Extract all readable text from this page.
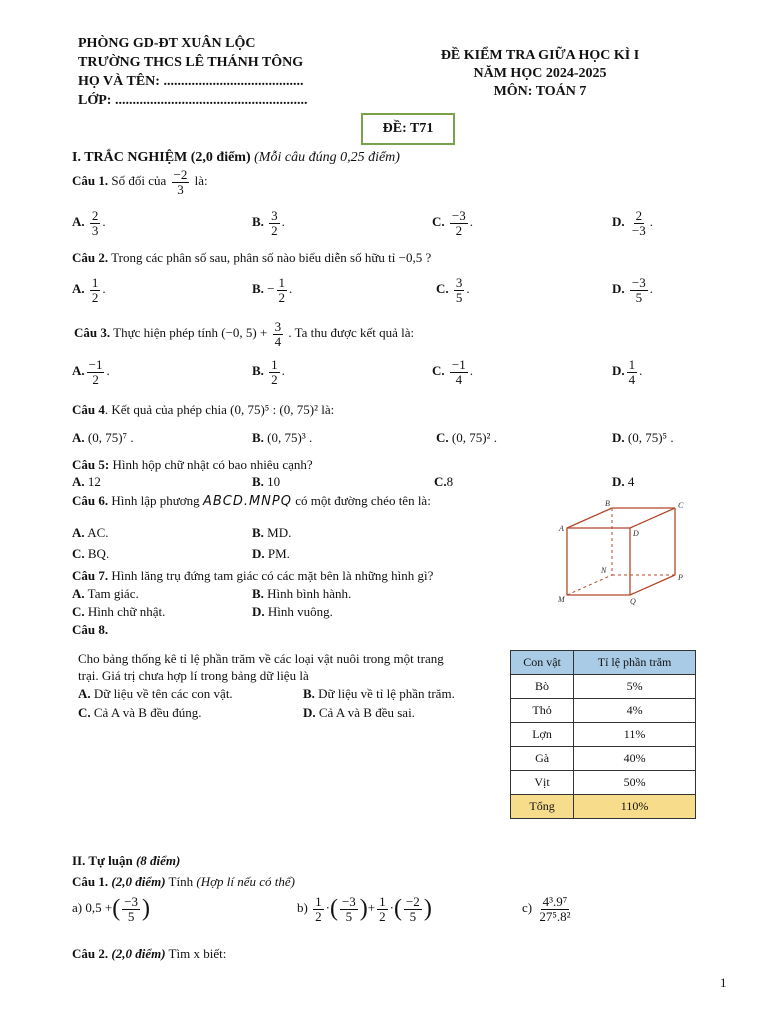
PHÒNG GD-ĐT XUÂN LỘC
TRƯỜNG THCS LÊ THÁNH TÔNG
HỌ VÀ TÊN: ........................................
LỚP: .......................................................
ĐỀ KIỂM TRA GIỮA HỌC KÌ I
NĂM HỌC 2024-2025
MÔN: TOÁN 7
ĐỀ: T71
I. TRẮC NGHIỆM (2,0 điểm) (Mỗi câu đúng 0,25 điểm)
Câu 1. Số đối của $\frac{-2}{3}$ là:
A. $\frac{2}{3}$ .	B. $\frac{3}{2}$ .	C. $\frac{-3}{2}$ .	D. $\frac{2}{-3}$ .
Câu 2. Trong các phân số sau, phân số nào biểu diễn số hữu tỉ −0,5 ?
A. $\frac{1}{2}$ .	B. − $\frac{1}{2}$ .	C. $\frac{3}{5}$ .	D. $\frac{-3}{5}$ .
Câu 3. Thực hiện phép tính (−0, $5) + \frac{3}{4}$ . Ta thu được kết quả là:
A. $\frac{-1}{2}$ .	B. $\frac{1}{2}$ .	C. $\frac{-1}{4}$ .	D. $\frac{1}{4}$ .
Câu 4. Kết quả của phép chia (0, 75)⁵ : (0, 75)² là:
A. (0, 75)⁷ .	B. (0, 75)³ .	C. (0, 75)² .	D. (0, 75)⁵ .
Câu 5: Hình hộp chữ nhật có bao nhiêu cạnh?
A. 12	B. 10	C.8	D. 4
Câu 6. Hình lập phương ABCD.MNPQ có một đường chéo tên là:
A. AC.	B. MD.
C. BQ.	D. PM.
A
B	C
D
M
N
P
Q
Câu 7. Hình lăng trụ đứng tam giác có các mặt bên là những hình gì?
A. Tam giác.	B. Hình bình hành.
C. Hình chữ nhật.	D. Hình vuông.
Câu 8.
Cho bảng thống kê tỉ lệ phần trăm về các loại vật nuôi trong một trang
trại. Giá trị chưa hợp lí trong bảng dữ liệu là
A. Dữ liệu về tên các con vật.	B. Dữ liệu về tỉ lệ phần trăm.
C. Cả A và B đều đúng.	D. Cả A và B đều sai.
Con vật	Tỉ lệ phần trăm
Bò	5%
Thỏ	4%
Lợn	11%
Gà	40%
Vịt	50%
Tổng	110%
II. Tự luận (8 điểm)
Câu 1. (2,0 điểm) Tính (Hợp lí nếu có thể)
a) 0,5 +( $\frac{-3}{5}$ )	$b) \frac{1}{2}$ ·( $\frac{-3}{5}$ )+ $\frac{1}{2}$ ·( $\frac{-2}{5}$ )	$c) \frac{\text{4³.9⁷}}{\text{27⁵.8²}}$
Câu 2. (2,0 điểm) Tìm x biết:
1
